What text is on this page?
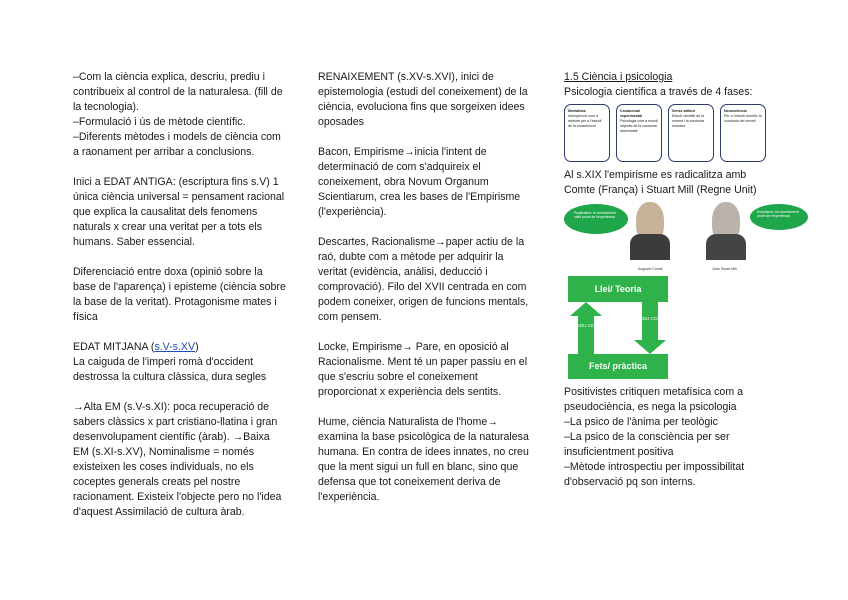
–Com la ciència explica, descriu, prediu i contribueix al control de la naturalesa. (fill de la tecnologia).
–Formulació i ús de mètode científic.
–Diferents mètodes i models de ciència com a raonament per arribar a conclusions.

Inici a EDAT ANTIGA: (escriptura fins s.V) 1 única ciència universal = pensament racional que explica la causalitat dels fenomens naturals x crear una veritat per a tots els humans. Saber essencial.

Diferenciació entre doxa (opinió sobre la base de l'aparença) i episteme (ciència sobre la base de la veritat). Protagonisme mates i física

EDAT MITJANA (s.V-s.XV)
La caiguda de l'imperi romà d'occident destrossa la cultura clàssica, dura segles

→Alta EM (s.V-s.XI): poca recuperació de sabers clàssics x part cristiano-llatina i gran desenvolupament científic (àrab). →Baixa EM (s.XI-s.XV), Nominalisme = només existeixen les coses individuals, no els coceptes generals creats pel nostre racionament. Existeix l'objecte pero no l'idea d'aquest Assimilació de cultura àrab.

RENAIXEMENT (s.XV-s.XVI), inici de epistemologia (estudi del coneixement) de la ciència, evoluciona fins que sorgeixen idees oposades

Bacon, Empirisme→inicia l'intent de determinació de com s'adquireix el coneixement, obra Novum Organum Scientiarum, crea les bases de l'Empirisme (l'experiència).

Descartes, Racionalisme→paper actiu de la raó, dubte com a mètode per adquirir la veritat (evidència, anàlisi, deducció i comprovació). Filo del XVII centrada en com podem coneixer, origen de funcions mentals, com pensem.

Locke, Empirisme→ Pare, en oposició al Racionalisme. Ment té un paper passiu en el que s'escriu sobre el coneixement proporcionat x experiència dels sentits.

Hume, ciència Naturalista de l'home→ examina la base psicològica de la naturalesa humana. En contra de idees innates, no creu que la ment sigui un full en blanc, sino que defensa que tot coneixement deriva de l'experiència.

1.5 Ciència i psicologia
Psicologia científica a través de 4 fases:
Mentalista
Introspecció com a mètode per a l'estudi de la consciència
Conductual experimental
Psicologia com a estudi objectiu de la conducta observable
Sense atribut
Estudi científic de la mment i la conducta humana
Neurociència
Per a l'estudi científic la conducta del cervell

Al s.XIX l'empirisme es radicalitza amb Comte (França) i Stuart Mill (Regne Unit)

Positivisme: el coneixement vàlid prové de l'experiència
Empirisme: tot coneixement prové de l'experiència
Auguste Comte	John Stuart Mill
Llei/ Teoria
INDU CCIÓ
DEDU CCIÓ
Fets/ pràctica

Positivistes critiquen metafísica com a pseudociència, es nega la psicologia
–La psico de l'ànima per teològic
–La psico de la consciència per ser insuficientment positiva
–Mètode introspectiu per impossibilitat d'observació pq son interns.
